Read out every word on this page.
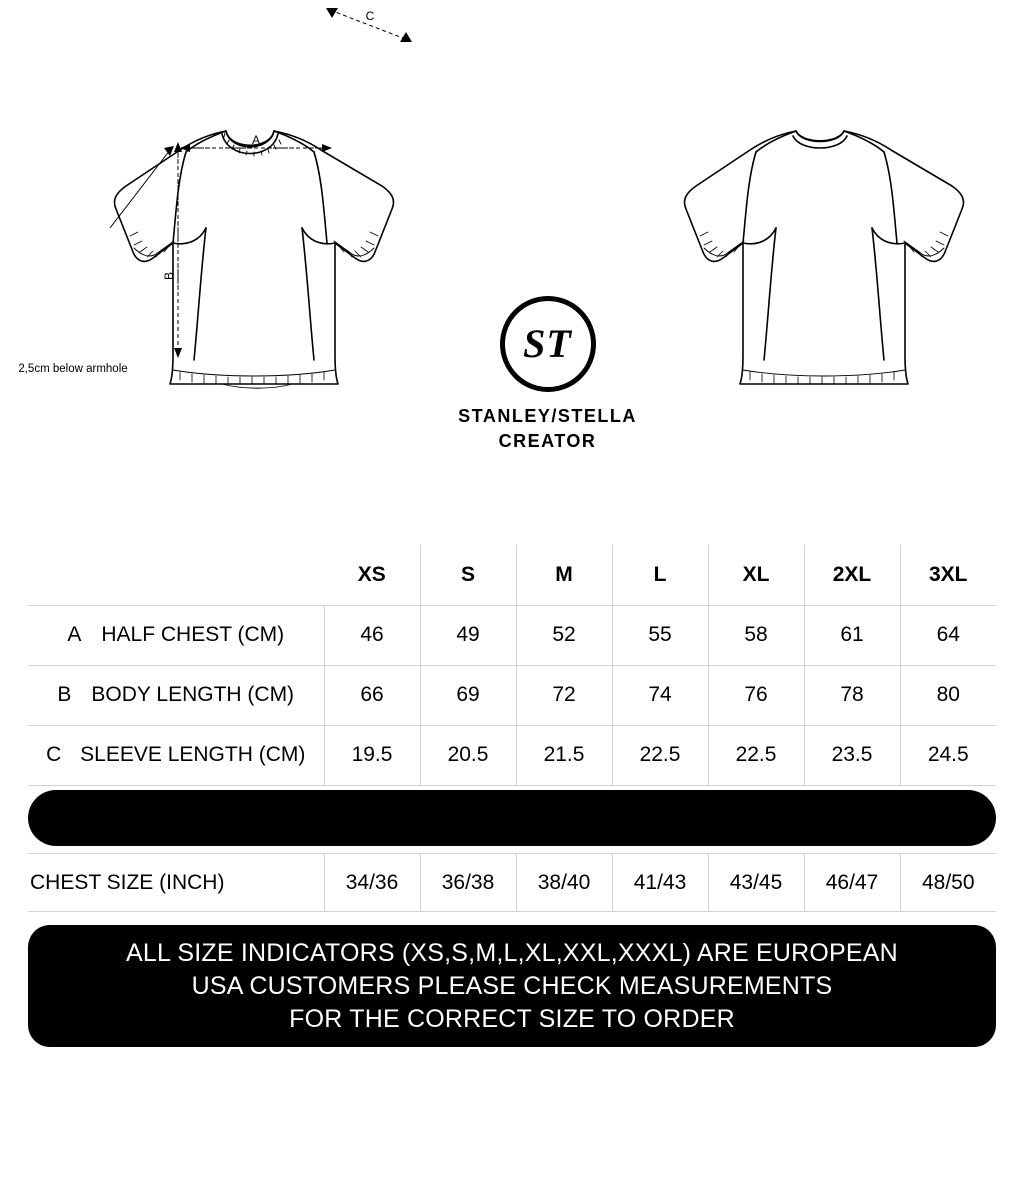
A
B
C
2,5cm below armhole
ST
STANLEY/STELLA
CREATOR
	XS	S	M	L	XL	2XL	3XL
A HALF CHEST (CM)	46	49	52	55	58	61	64
B BODY LENGTH (CM)	66	69	72	74	76	78	80
C SLEEVE LENGTH (CM)	19.5	20.5	21.5	22.5	22.5	23.5	24.5
CHEST SIZE (INCH)	34/36	36/38	38/40	41/43	43/45	46/47	48/50
ALL SIZE INDICATORS (XS,S,M,L,XL,XXL,XXXL) ARE EUROPEAN
USA CUSTOMERS PLEASE CHECK MEASUREMENTS
FOR THE CORRECT SIZE TO ORDER
